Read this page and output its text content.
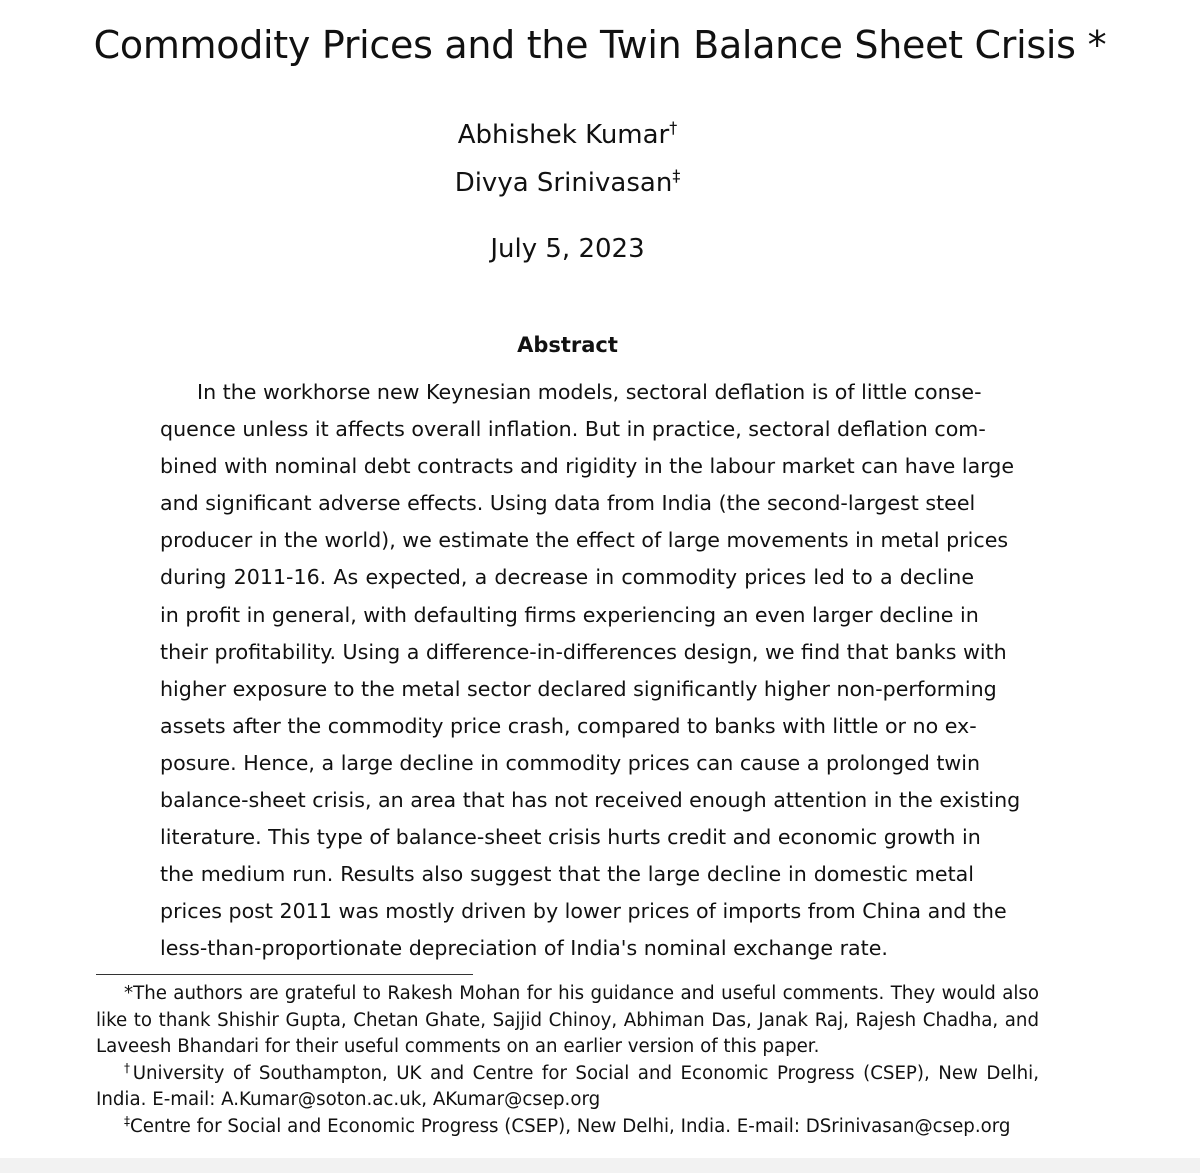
Commodity Prices and the Twin Balance Sheet Crisis *
Abhishek Kumar†
Divya Srinivasan‡
July 5, 2023
Abstract
In the workhorse new Keynesian models, sectoral deflation is of little conse-
quence unless it affects overall inflation. But in practice, sectoral deflation com-
bined with nominal debt contracts and rigidity in the labour market can have large
and significant adverse effects. Using data from India (the second-largest steel
producer in the world), we estimate the effect of large movements in metal prices
during 2011-16. As expected, a decrease in commodity prices led to a decline
in profit in general, with defaulting firms experiencing an even larger decline in
their profitability. Using a difference-in-differences design, we find that banks with
higher exposure to the metal sector declared significantly higher non-performing
assets after the commodity price crash, compared to banks with little or no ex-
posure. Hence, a large decline in commodity prices can cause a prolonged twin
balance-sheet crisis, an area that has not received enough attention in the existing
literature. This type of balance-sheet crisis hurts credit and economic growth in
the medium run. Results also suggest that the large decline in domestic metal
prices post 2011 was mostly driven by lower prices of imports from China and the
less-than-proportionate depreciation of India's nominal exchange rate.
*The authors are grateful to Rakesh Mohan for his guidance and useful comments. They would also
like to thank Shishir Gupta, Chetan Ghate, Sajjid Chinoy, Abhiman Das, Janak Raj, Rajesh Chadha, and
Laveesh Bhandari for their useful comments on an earlier version of this paper.
†University of Southampton, UK and Centre for Social and Economic Progress (CSEP), New Delhi,
India. E-mail: A.Kumar@soton.ac.uk, AKumar@csep.org
‡Centre for Social and Economic Progress (CSEP), New Delhi, India. E-mail: DSrinivasan@csep.org
